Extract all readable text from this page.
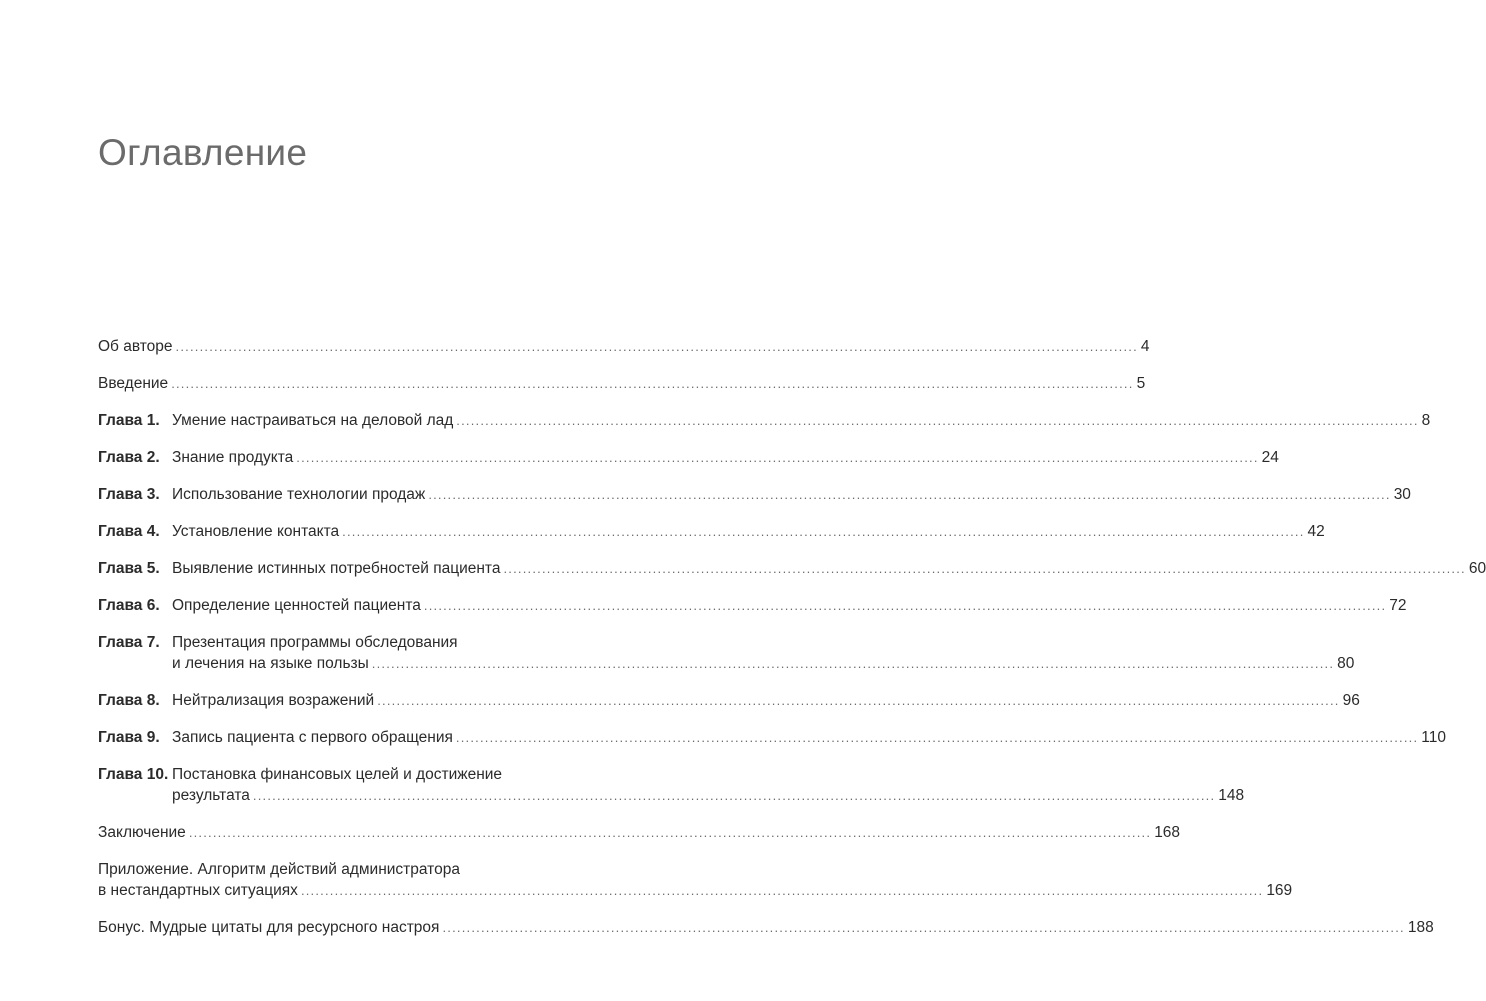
Оглавление
Об авторе ........................................................................................................................................................................................................ 4
Введение ........................................................................................................................................................................................................ 5
Глава 1. Умение настраиваться на деловой лад ........................................................................................................................................................................................................ 8
Глава 2. Знание продукта ........................................................................................................................................................................................................ 24
Глава 3. Использование технологии продаж ........................................................................................................................................................................................................ 30
Глава 4. Установление контакта ........................................................................................................................................................................................................ 42
Глава 5. Выявление истинных потребностей пациента ........................................................................................................................................................................................................ 60
Глава 6. Определение ценностей пациента ........................................................................................................................................................................................................ 72
Глава 7. Презентация программы обследования
и лечения на языке пользы ........................................................................................................................................................................................................ 80
Глава 8. Нейтрализация возражений ........................................................................................................................................................................................................ 96
Глава 9. Запись пациента с первого обращения ........................................................................................................................................................................................................ 110
Глава 10. Постановка финансовых целей и достижение
результата ........................................................................................................................................................................................................ 148
Заключение ........................................................................................................................................................................................................ 168
Приложение. Алгоритм действий администратора
в нестандартных ситуациях ........................................................................................................................................................................................................ 169
Бонус. Мудрые цитаты для ресурсного настроя ........................................................................................................................................................................................................ 188
